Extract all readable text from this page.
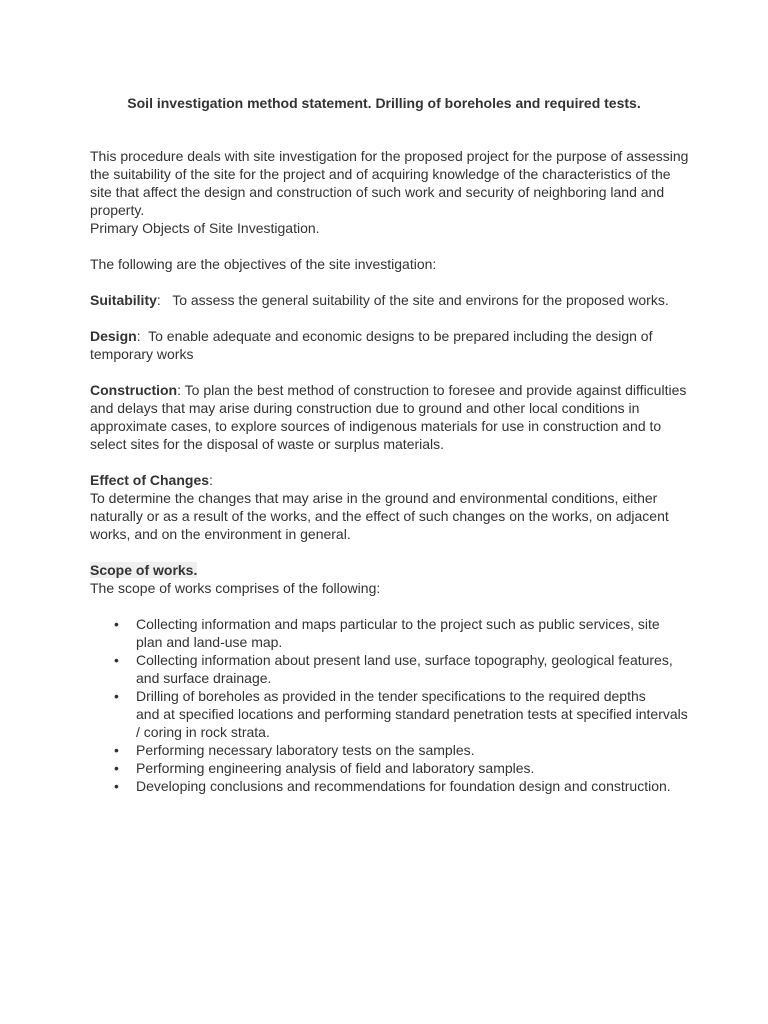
Soil investigation method statement. Drilling of boreholes and required tests.

This procedure deals with site investigation for the proposed project for the purpose of assessing the suitability of the site for the project and of acquiring knowledge of the characteristics of the site that affect the design and construction of such work and security of neighboring land and property.

Primary Objects of Site Investigation.

The following are the objectives of the site investigation:

Suitability:   To assess the general suitability of the site and environs for the proposed works.

Design:  To enable adequate and economic designs to be prepared including the design of temporary works

Construction: To plan the best method of construction to foresee and provide against difficulties and delays that may arise during construction due to ground and other local conditions in approximate cases, to explore sources of indigenous materials for use in construction and to select sites for the disposal of waste or surplus materials.

Effect of Changes:

To determine the changes that may arise in the ground and environmental conditions, either naturally or as a result of the works, and the effect of such changes on the works, on adjacent works, and on the environment in general.

Scope of works.

The scope of works comprises of the following:

• Collecting information and maps particular to the project such as public services, site plan and land-use map.
• Collecting information about present land use, surface topography, geological features, and surface drainage.
• Drilling of boreholes as provided in the tender specifications to the required depths
and at specified locations and performing standard penetration tests at specified intervals / coring in rock strata.
• Performing necessary laboratory tests on the samples.
• Performing engineering analysis of field and laboratory samples.
• Developing conclusions and recommendations for foundation design and construction.
